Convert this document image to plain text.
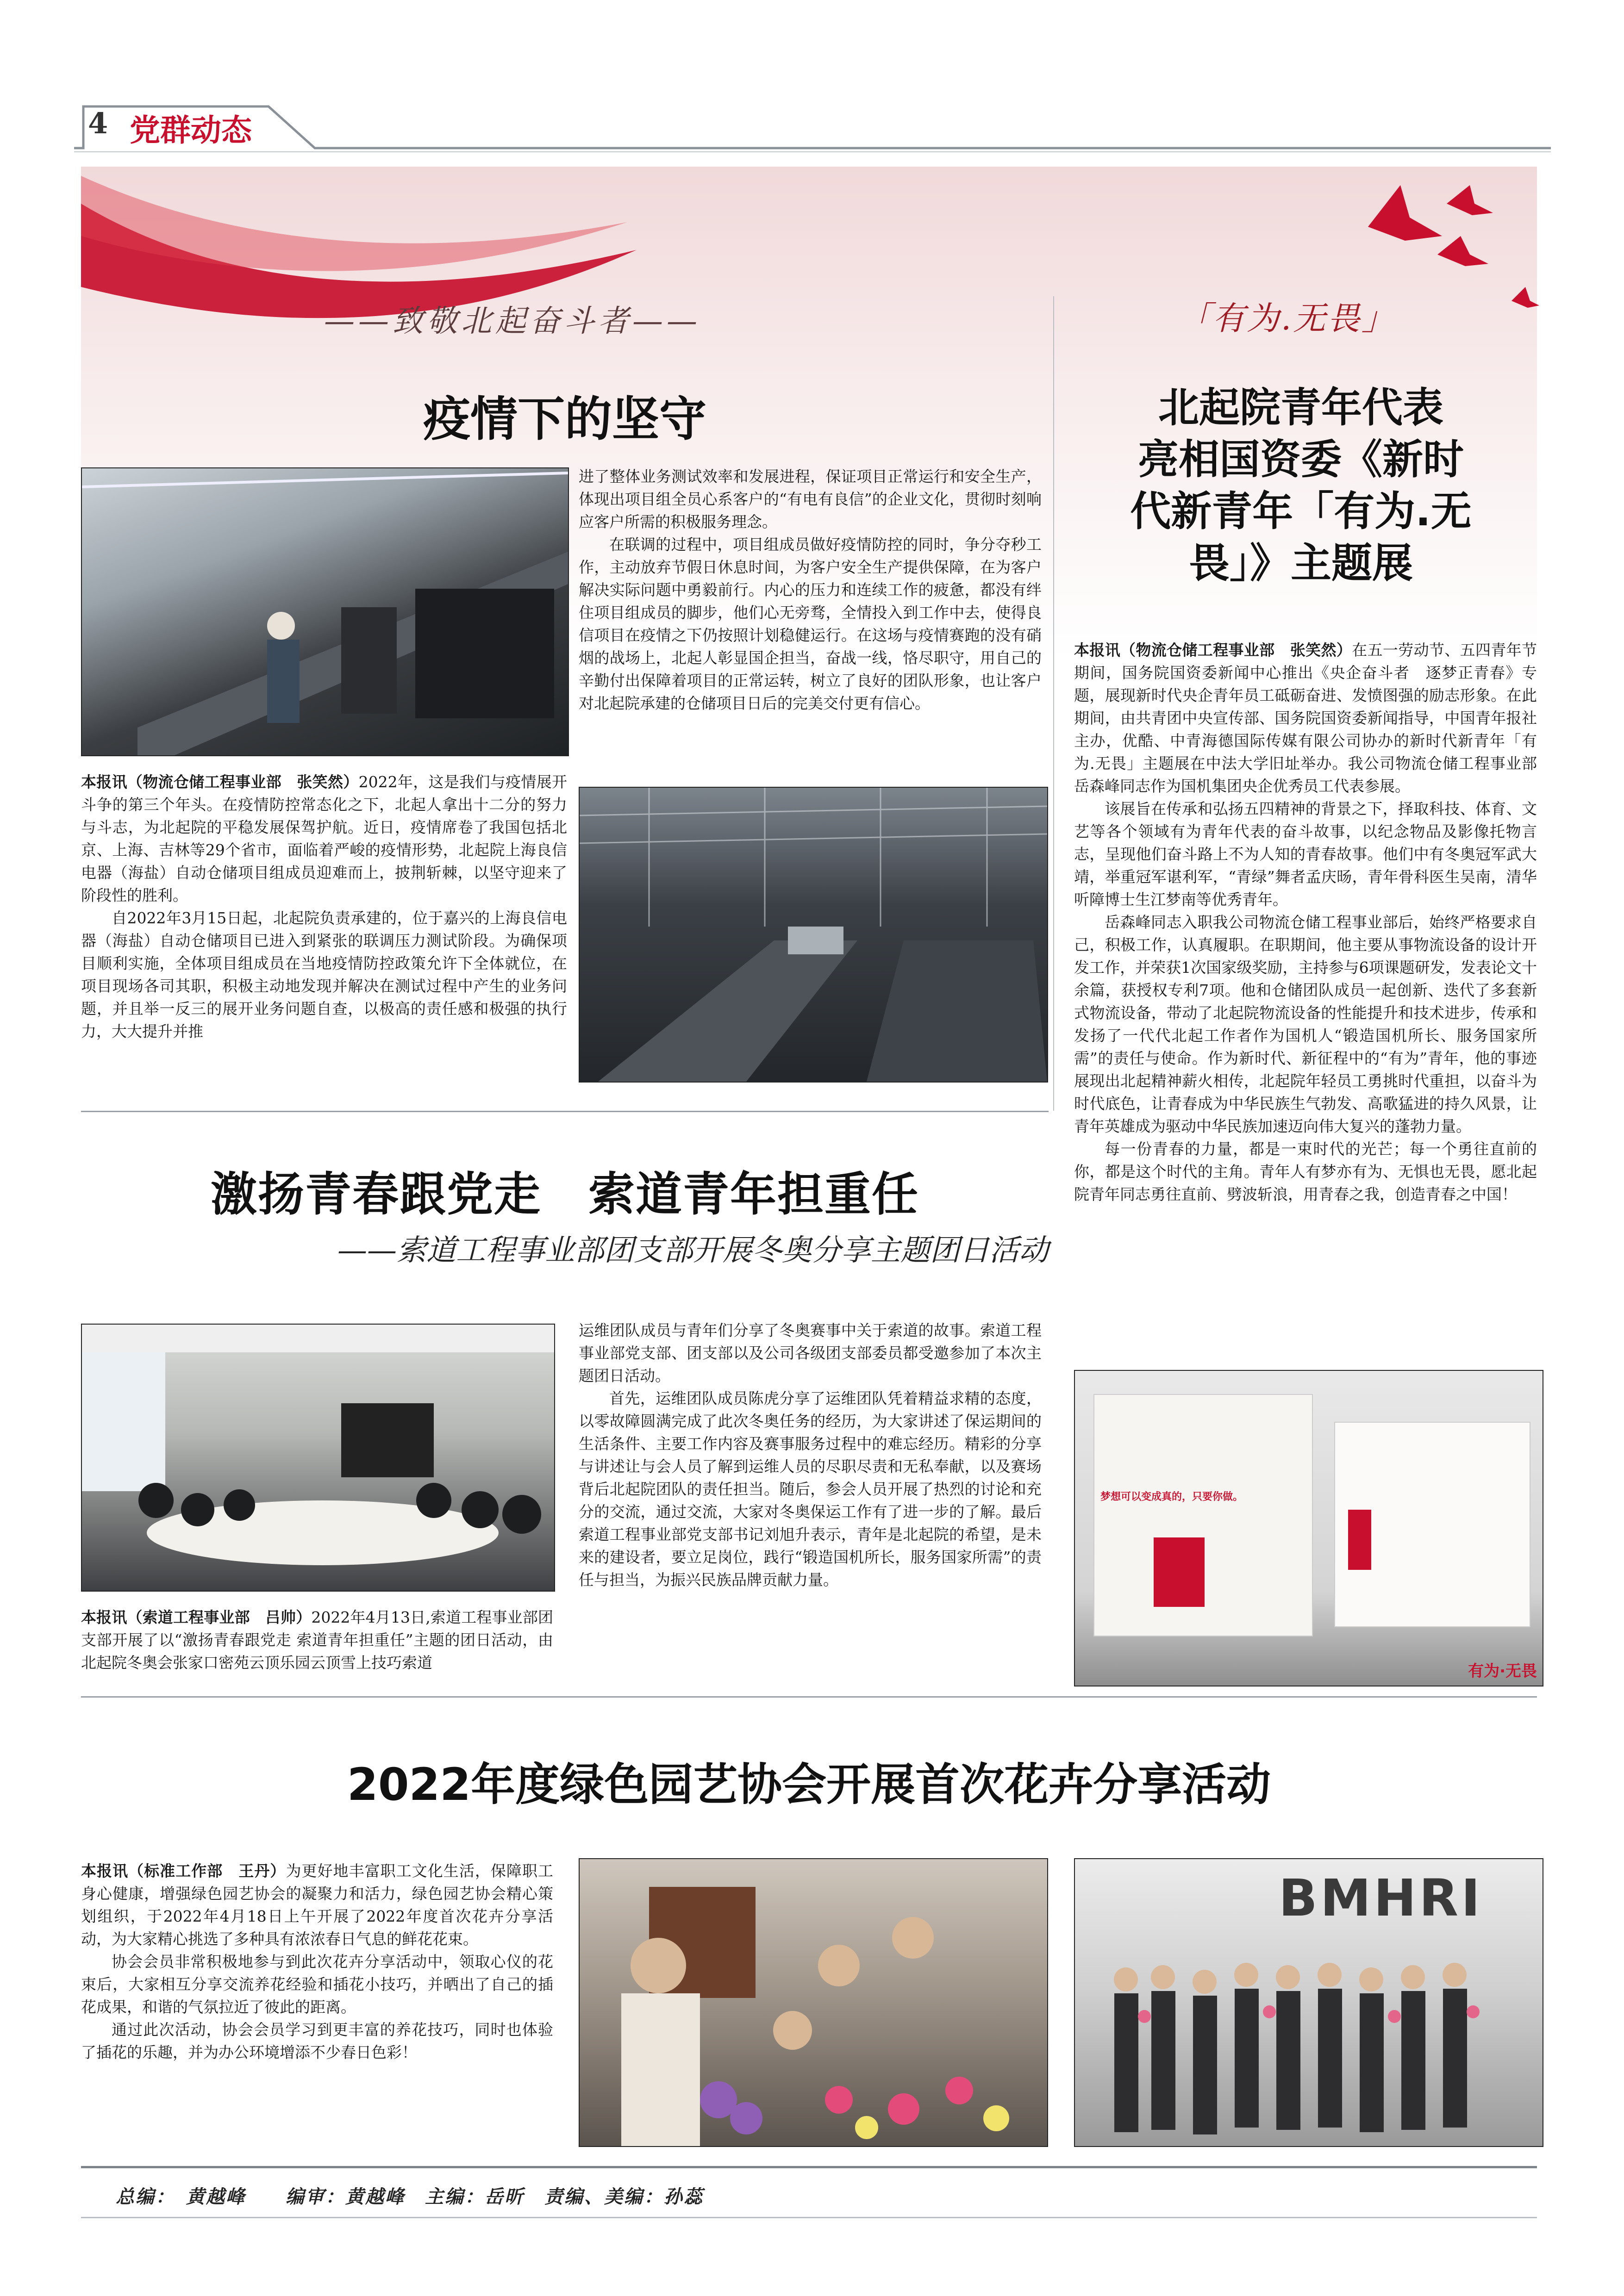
4 党群动态
——致敬北起奋斗者——	「有为.无畏」
疫情下的坚守

本报讯（物流仓储工程事业部　张笑然）2022年，这是我们与疫情展开斗争的第三个年头。在疫情防控常态化之下，北起人拿出十二分的努力与斗志，为北起院的平稳发展保驾护航。近日，疫情席卷了我国包括北京、上海、吉林等29个省市，面临着严峻的疫情形势，北起院上海良信电器（海盐）自动仓储项目组成员迎难而上，披荆斩棘，以坚守迎来了阶段性的胜利。

自2022年3月15日起，北起院负责承建的，位于嘉兴的上海良信电器（海盐）自动仓储项目已进入到紧张的联调压力测试阶段。为确保项目顺利实施，全体项目组成员在当地疫情防控政策允许下全体就位，在项目现场各司其职，积极主动地发现并解决在测试过程中产生的业务问题，并且举一反三的展开业务问题自查，以极高的责任感和极强的执行力，大大提升并推

进了整体业务测试效率和发展进程，保证项目正常运行和安全生产，体现出项目组全员心系客户的“有电有良信”的企业文化，贯彻时刻响应客户所需的积极服务理念。

在联调的过程中，项目组成员做好疫情防控的同时，争分夺秒工作，主动放弃节假日休息时间，为客户安全生产提供保障，在为客户解决实际问题中勇毅前行。内心的压力和连续工作的疲惫，都没有绊住项目组成员的脚步，他们心无旁骛，全情投入到工作中去，使得良信项目在疫情之下仍按照计划稳健运行。在这场与疫情赛跑的没有硝烟的战场上，北起人彰显国企担当，奋战一线，恪尽职守，用自己的辛勤付出保障着项目的正常运转，树立了良好的团队形象，也让客户对北起院承建的仓储项目日后的完美交付更有信心。

北起院青年代表
亮相国资委《新时
代新青年「有为.无
畏」》主题展

本报讯（物流仓储工程事业部　张笑然）在五一劳动节、五四青年节期间，国务院国资委新闻中心推出《央企奋斗者　逐梦正青春》专题，展现新时代央企青年员工砥砺奋进、发愤图强的励志形象。在此期间，由共青团中央宣传部、国务院国资委新闻指导，中国青年报社主办，优酷、中青海德国际传媒有限公司协办的新时代新青年「有为.无畏」主题展在中法大学旧址举办。我公司物流仓储工程事业部岳森峰同志作为国机集团央企优秀员工代表参展。

该展旨在传承和弘扬五四精神的背景之下，择取科技、体育、文艺等各个领域有为青年代表的奋斗故事，以纪念物品及影像托物言志，呈现他们奋斗路上不为人知的青春故事。他们中有冬奥冠军武大靖，举重冠军谌利军，“青绿”舞者孟庆旸，青年骨科医生吴南，清华听障博士生江梦南等优秀青年。

岳森峰同志入职我公司物流仓储工程事业部后，始终严格要求自己，积极工作，认真履职。在职期间，他主要从事物流设备的设计开发工作，并荣获1次国家级奖励，主持参与6项课题研发，发表论文十余篇，获授权专利7项。他和仓储团队成员一起创新、迭代了多套新式物流设备，带动了北起院物流设备的性能提升和技术进步，传承和发扬了一代代北起工作者作为国机人“锻造国机所长、服务国家所需”的责任与使命。作为新时代、新征程中的“有为”青年，他的事迹展现出北起精神薪火相传，北起院年轻员工勇挑时代重担，以奋斗为时代底色，让青春成为中华民族生气勃发、高歌猛进的持久风景，让青年英雄成为驱动中华民族加速迈向伟大复兴的蓬勃力量。

每一份青春的力量，都是一束时代的光芒；每一个勇往直前的你，都是这个时代的主角。青年人有梦亦有为、无惧也无畏，愿北起院青年同志勇往直前、劈波斩浪，用青春之我，创造青春之中国！

梦想可以变成真的，只要你做。
有为·无畏
激扬青春跟党走　索道青年担重任
——索道工程事业部团支部开展冬奥分享主题团日活动

本报讯（索道工程事业部　吕帅）2022年4月13日,索道工程事业部团支部开展了以“激扬青春跟党走 索道青年担重任”主题的团日活动，由北起院冬奥会张家口密苑云顶乐园云顶雪上技巧索道

运维团队成员与青年们分享了冬奥赛事中关于索道的故事。索道工程事业部党支部、团支部以及公司各级团支部委员都受邀参加了本次主题团日活动。

首先，运维团队成员陈虎分享了运维团队凭着精益求精的态度，以零故障圆满完成了此次冬奥任务的经历，为大家讲述了保运期间的生活条件、主要工作内容及赛事服务过程中的难忘经历。精彩的分享与讲述让与会人员了解到运维人员的尽职尽责和无私奉献，以及赛场背后北起院团队的责任担当。随后，参会人员开展了热烈的讨论和充分的交流，通过交流，大家对冬奥保运工作有了进一步的了解。最后索道工程事业部党支部书记刘旭升表示，青年是北起院的希望，是未来的建设者，要立足岗位，践行“锻造国机所长，服务国家所需”的责任与担当，为振兴民族品牌贡献力量。

2022年度绿色园艺协会开展首次花卉分享活动

本报讯（标准工作部　王丹）为更好地丰富职工文化生活，保障职工身心健康，增强绿色园艺协会的凝聚力和活力，绿色园艺协会精心策划组织，于2022年4月18日上午开展了2022年度首次花卉分享活动，为大家精心挑选了多种具有浓浓春日气息的鲜花花束。

协会会员非常积极地参与到此次花卉分享活动中，领取心仪的花束后，大家相互分享交流养花经验和插花小技巧，并晒出了自己的插花成果，和谐的气氛拉近了彼此的距离。

通过此次活动，协会会员学习到更丰富的养花技巧，同时也体验了插花的乐趣，并为办公环境增添不少春日色彩！

BMHRI
总编：　黄越峰　　编审：黄越峰　主编：岳昕　责编、美编：孙蕊
